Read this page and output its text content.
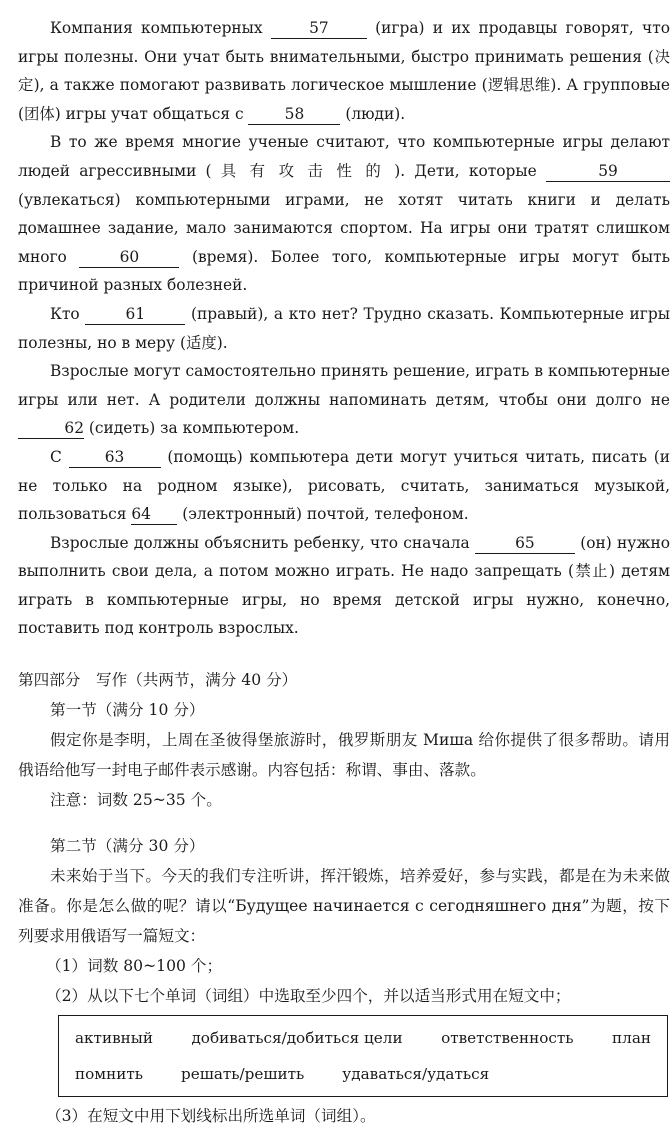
Компания компьютерных	57	(игра) и их продавцы говорят, что игры полезны. Они учат быть внимательными, быстро принимать решения (决定), а также помогают развивать логическое мышление (逻辑思维). А групповые (团体) игры учат общаться с	58	(люди).

В то же время многие ученые считают, что компьютерные игры делают людей агрессивными ( 具 有 攻 击 性 的 ). Дети, которые	59 (увлекаться) компьютерными играми, не хотят читать книги и делать домашнее задание, мало занимаются спортом. На игры они тратят слишком много	60	(время). Более того, компьютерные игры могут быть причиной разных болезней.

Кто	61	(правый), а кто нет? Трудно сказать. Компьютерные игры полезны, но в меру (适度).

Взрослые могут самостоятельно принять решение, играть в компьютерные игры или нет. А родители должны напоминать детям, чтобы они долго не 62 (сидеть) за компьютером.

С	63	(помощь) компьютера дети могут учиться читать, писать (и не только на родном языке), рисовать, считать, заниматься музыкой, пользоваться 64 (электронный) почтой, телефоном.

Взрослые должны объяснить ребенку, что сначала	65	(он) нужно выполнить свои дела, а потом можно играть. Не надо запрещать (禁止) детям играть в компьютерные игры, но время детской игры нужно, конечно, поставить под контроль взрослых.

第四部分　写作（共两节，满分 40 分）

第一节（满分 10 分）

假定你是李明，上周在圣彼得堡旅游时，俄罗斯朋友 Миша 给你提供了很多帮助。请用俄语给他写一封电子邮件表示感谢。内容包括：称谓、事由、落款。

注意：词数 25~35 个。

第二节（满分 30 分）

未来始于当下。今天的我们专注听讲，挥汗锻炼，培养爱好，参与实践，都是在为未来做准备。你是怎么做的呢？请以“Будущее начинается с сегодняшнего дня”为题，按下列要求用俄语写一篇短文：

（1）词数 80~100 个；

（2）从以下七个单词（词组）中选取至少四个，并以适当形式用在短文中；

активный	добиваться/добиться цели	ответственность	план
помнить	решать/решить	удаваться/удаться

（3）在短文中用下划线标出所选单词（词组）。
